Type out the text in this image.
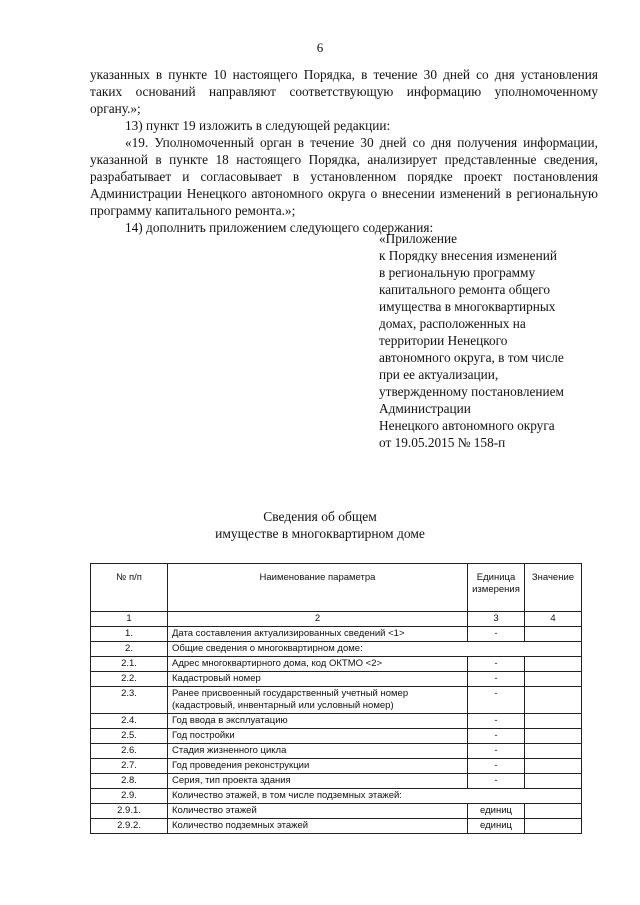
6

указанных в пункте 10 настоящего Порядка, в течение 30 дней со дня установления таких оснований направляют соответствующую информацию уполномоченному органу.»;

13) пункт 19 изложить в следующей редакции:

«19. Уполномоченный орган в течение 30 дней со дня получения информации, указанной в пункте 18 настоящего Порядка, анализирует представленные сведения, разрабатывает и согласовывает в установленном порядке проект постановления Администрации Ненецкого автономного округа о внесении изменений в региональную программу капитального ремонта.»;

14) дополнить приложением следующего содержания:

«Приложение
к Порядку внесения изменений
в региональную программу
капитального ремонта общего
имущества в многоквартирных
домах, расположенных на
территории Ненецкого
автономного округа, в том числе
при ее актуализации,
утвержденному постановлением
Администрации
Ненецкого автономного округа
от 19.05.2015 № 158-п
Сведения об общем
имуществе в многоквартирном доме
№ п/п	Наименование параметра	Единица измерения	Значение
1	2	3	4
1.	Дата составления актуализированных сведений <1>	-	
2.	Общие сведения о многоквартирном доме:		
2.1.	Адрес многоквартирного дома, код ОКТМО <2>	-	
2.2.	Кадастровый номер	-	
2.3.	Ранее присвоенный государственный учетный номер (кадастровый, инвентарный или условный номер)	-	
2.4.	Год ввода в эксплуатацию	-	
2.5.	Год постройки	-	
2.6.	Стадия жизненного цикла	-	
2.7.	Год проведения реконструкции	-	
2.8.	Серия, тип проекта здания	-	
2.9.	Количество этажей, в том числе подземных этажей:		
2.9.1.	Количество этажей	единиц	
2.9.2.	Количество подземных этажей	единиц	
